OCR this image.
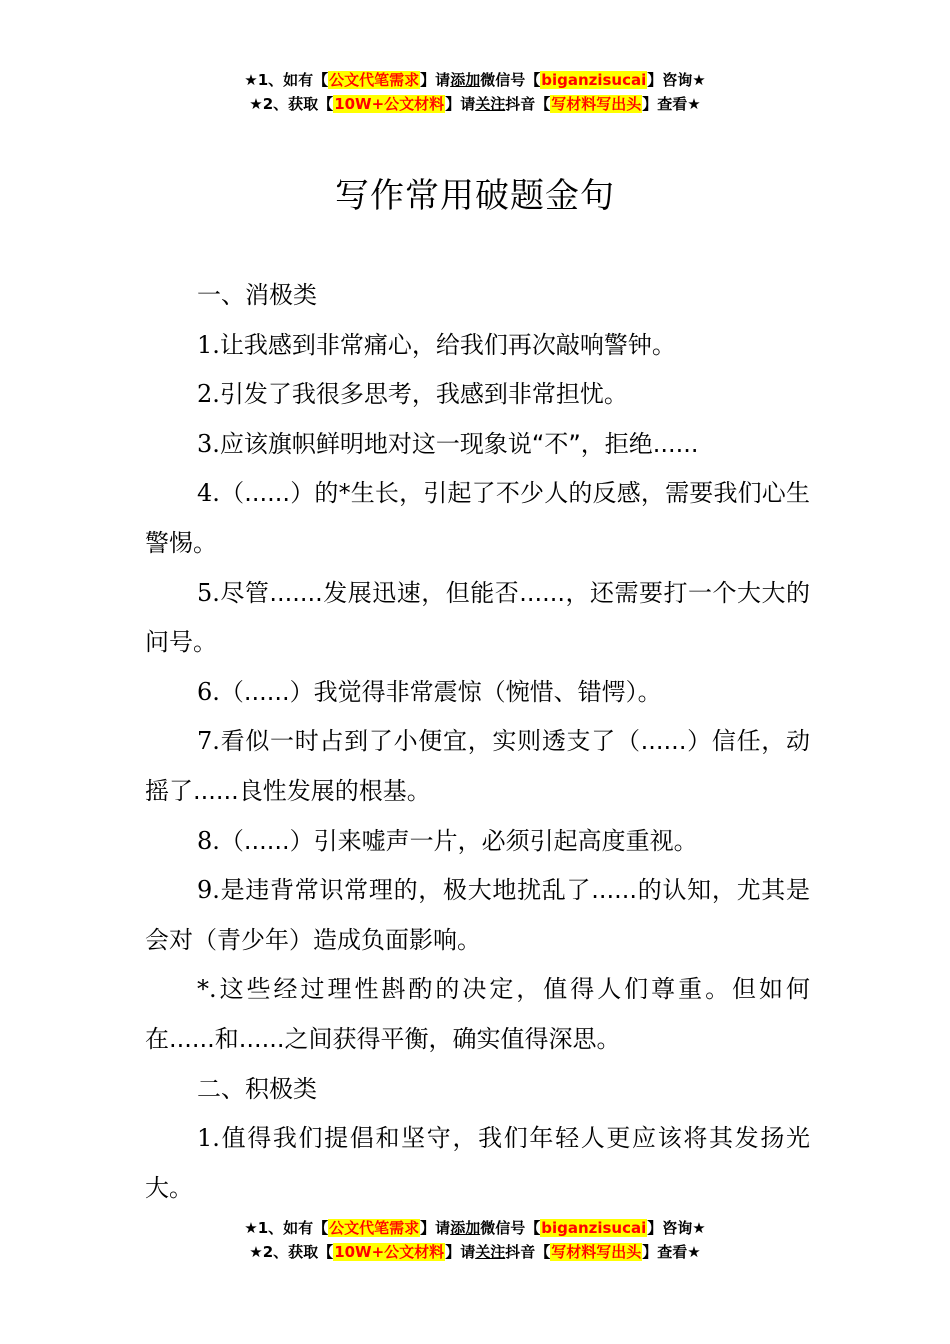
★1、如有【公文代笔需求】请添加微信号【biganzisucai】咨询★
★2、获取【10W+公文材料】请关注抖音【写材料写出头】查看★
写作常用破题金句

一、消极类

1.让我感到非常痛心，给我们再次敲响警钟。

2.引发了我很多思考，我感到非常担忧。

3.应该旗帜鲜明地对这一现象说“不”，拒绝......

4.（......）的*生长，引起了不少人的反感，需要我们心生警惕。

5.尽管.......发展迅速，但能否......，还需要打一个大大的问号。

6.（......）我觉得非常震惊（惋惜、错愕）。

7.看似一时占到了小便宜，实则透支了（......）信任，动摇了......良性发展的根基。

8.（......）引来嘘声一片，必须引起高度重视。

9.是违背常识常理的，极大地扰乱了......的认知，尤其是会对（青少年）造成负面影响。

*.这些经过理性斟酌的决定，值得人们尊重。但如何在......和......之间获得平衡，确实值得深思。

二、积极类

1.值得我们提倡和坚守，我们年轻人更应该将其发扬光大。

★1、如有【公文代笔需求】请添加微信号【biganzisucai】咨询★
★2、获取【10W+公文材料】请关注抖音【写材料写出头】查看★
